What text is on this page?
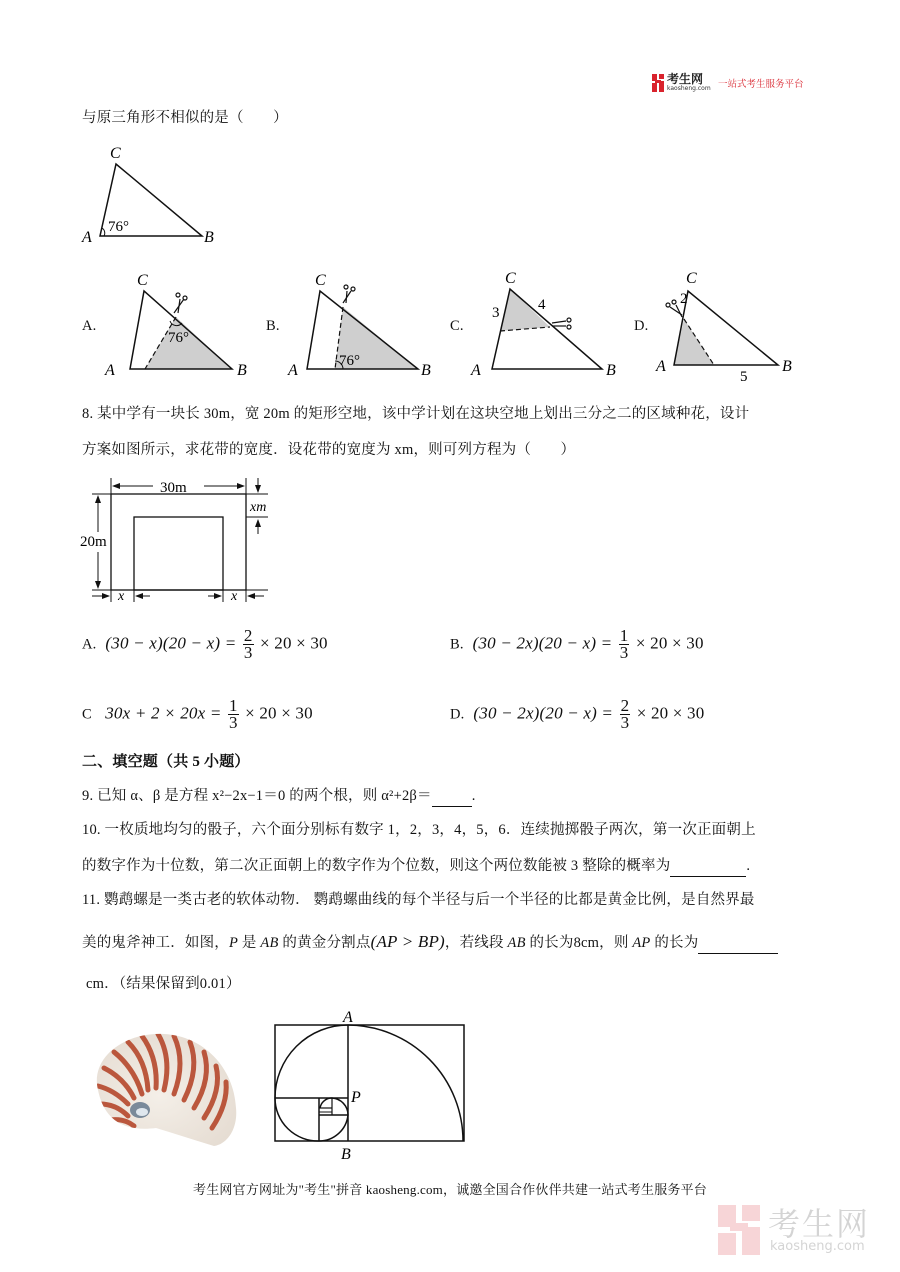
考生网
kaosheng.com 一站式考生服务平台
与原三角形不相似的是（　　）
C
A	B
76°
A.
C
A	B
76°
B.
C
A	B
76°
C.
C
A	B
3	4
D.
C
A	B
2
5
8. 某中学有一块长 30m，宽 20m 的矩形空地，该中学计划在这块空地上划出三分之二的区域种花，设计
方案如图所示，求花带的宽度．设花带的宽度为 xm，则可列方程为（　　）
30m
20m
xm
x	x
A. $(30 - x)(20 - x) = \frac{2}{3} \times 20 \times 30$	B. $(30 - 2x)(20 - x) = \frac{1}{3} \times 20 \times 30$
C $30x + 2 \times 20x = \frac{1}{3} \times 20 \times 30$	D. $(30 - 2x)(20 - x) = \frac{2}{3} \times 20 \times 30$
二、填空题（共 5 小题）
9. 已知 α、β 是方程 x²−2x−1＝0 的两个根，则 α²+2β＝	.
10. 一枚质地均匀的骰子，六个面分别标有数字 1，2，3，4，5，6．连续抛掷骰子两次，第一次正面朝上
的数字作为十位数，第二次正面朝上的数字作为个位数，则这个两位数能被 3 整除的概率为	.
11. 鹦鹉螺是一类古老的软体动物． 鹦鹉螺曲线的每个半径与后一个半径的比都是黄金比例，是自然界最
美的鬼斧神工．如图，P 是 AB 的黄金分割点(AP > BP)，若线段 AB 的长为8cm，则 AP 的长为
cm．（结果保留到0.01）
A
P
B
考生网官方网址为"考生"拼音 kaosheng.com，诚邀全国合作伙伴共建一站式考生服务平台
考生网
kaosheng.com
